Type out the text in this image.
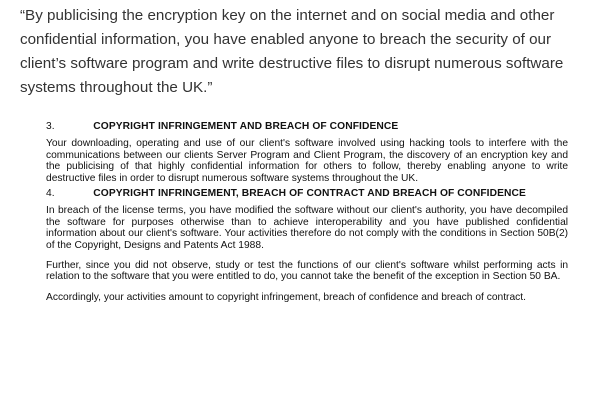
“By publicising the encryption key on the internet and on social media and other confidential information, you have enabled anyone to breach the security of our client’s software program and write destructive files to disrupt numerous software systems throughout the UK.”

3.	COPYRIGHT INFRINGEMENT AND BREACH OF CONFIDENCE

Your downloading, operating and use of our client's software involved using hacking tools to interfere with the communications between our clients Server Program and Client Program, the discovery of an encryption key and the publicising of that highly confidential information for others to follow, thereby enabling anyone to write destructive files in order to disrupt numerous software systems throughout the UK.

4.	COPYRIGHT INFRINGEMENT, BREACH OF CONTRACT AND BREACH OF CONFIDENCE

In breach of the license terms, you have modified the software without our client's authority, you have decompiled the software for purposes otherwise than to achieve interoperability and you have published confidential information about our client's software. Your activities therefore do not comply with the conditions in Section 50B(2) of the Copyright, Designs and Patents Act 1988.

Further, since you did not observe, study or test the functions of our client's software whilst performing acts in relation to the software that you were entitled to do, you cannot take the benefit of the exception in Section 50 BA.

Accordingly, your activities amount to copyright infringement, breach of confidence and breach of contract.
